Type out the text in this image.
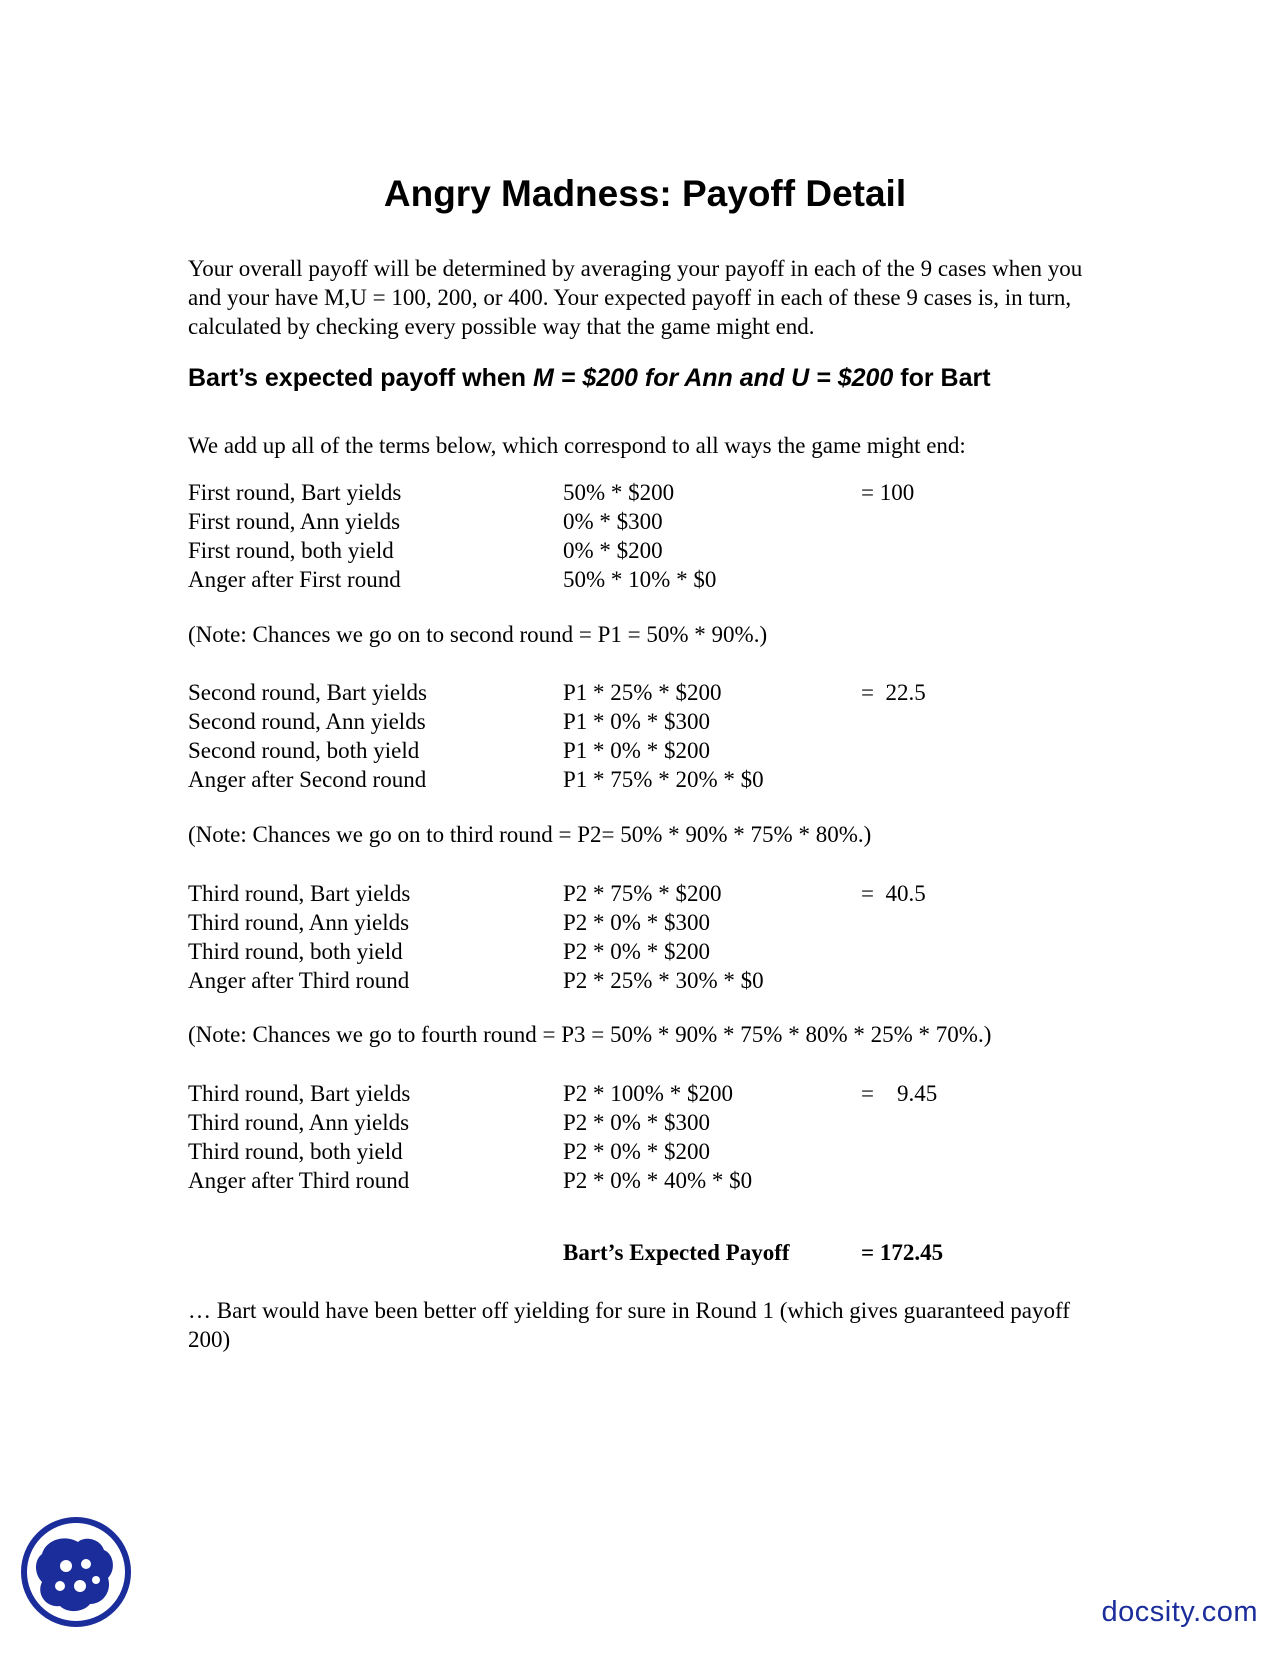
Angry Madness: Payoff Detail

Your overall payoff will be determined by averaging your payoff in each of the 9 cases when you and your have M,U = 100, 200, or 400. Your expected payoff in each of these 9 cases is, in turn, calculated by checking every possible way that the game might end.

Bart’s expected payoff when M = $200 for Ann and U = $200 for Bart

We add up all of the terms below, which correspond to all ways the game might end:

First round, Bart yields	50% * $200	= 100
First round, Ann yields	0% * $300
First round, both yield	0% * $200
Anger after First round	50% * 10% * $0
(Note: Chances we go on to second round = P1 = 50% * 90%.)
Second round, Bart yields	P1 * 25% * $200	=  22.5
Second round, Ann yields	P1 * 0% * $300
Second round, both yield	P1 * 0% * $200
Anger after Second round	P1 * 75% * 20% * $0
(Note: Chances we go on to third round = P2= 50% * 90% * 75% * 80%.)
Third round, Bart yields	P2 * 75% * $200	=  40.5
Third round, Ann yields	P2 * 0% * $300
Third round, both yield	P2 * 0% * $200
Anger after Third round	P2 * 25% * 30% * $0
(Note: Chances we go to fourth round = P3 = 50% * 90% * 75% * 80% * 25% * 70%.)
Third round, Bart yields	P2 * 100% * $200	=    9.45
Third round, Ann yields	P2 * 0% * $300
Third round, both yield	P2 * 0% * $200
Anger after Third round	P2 * 0% * 40% * $0
Bart’s Expected Payoff	= 172.45

… Bart would have been better off yielding for sure in Round 1 (which gives guaranteed payoff 200)

docsity.com
